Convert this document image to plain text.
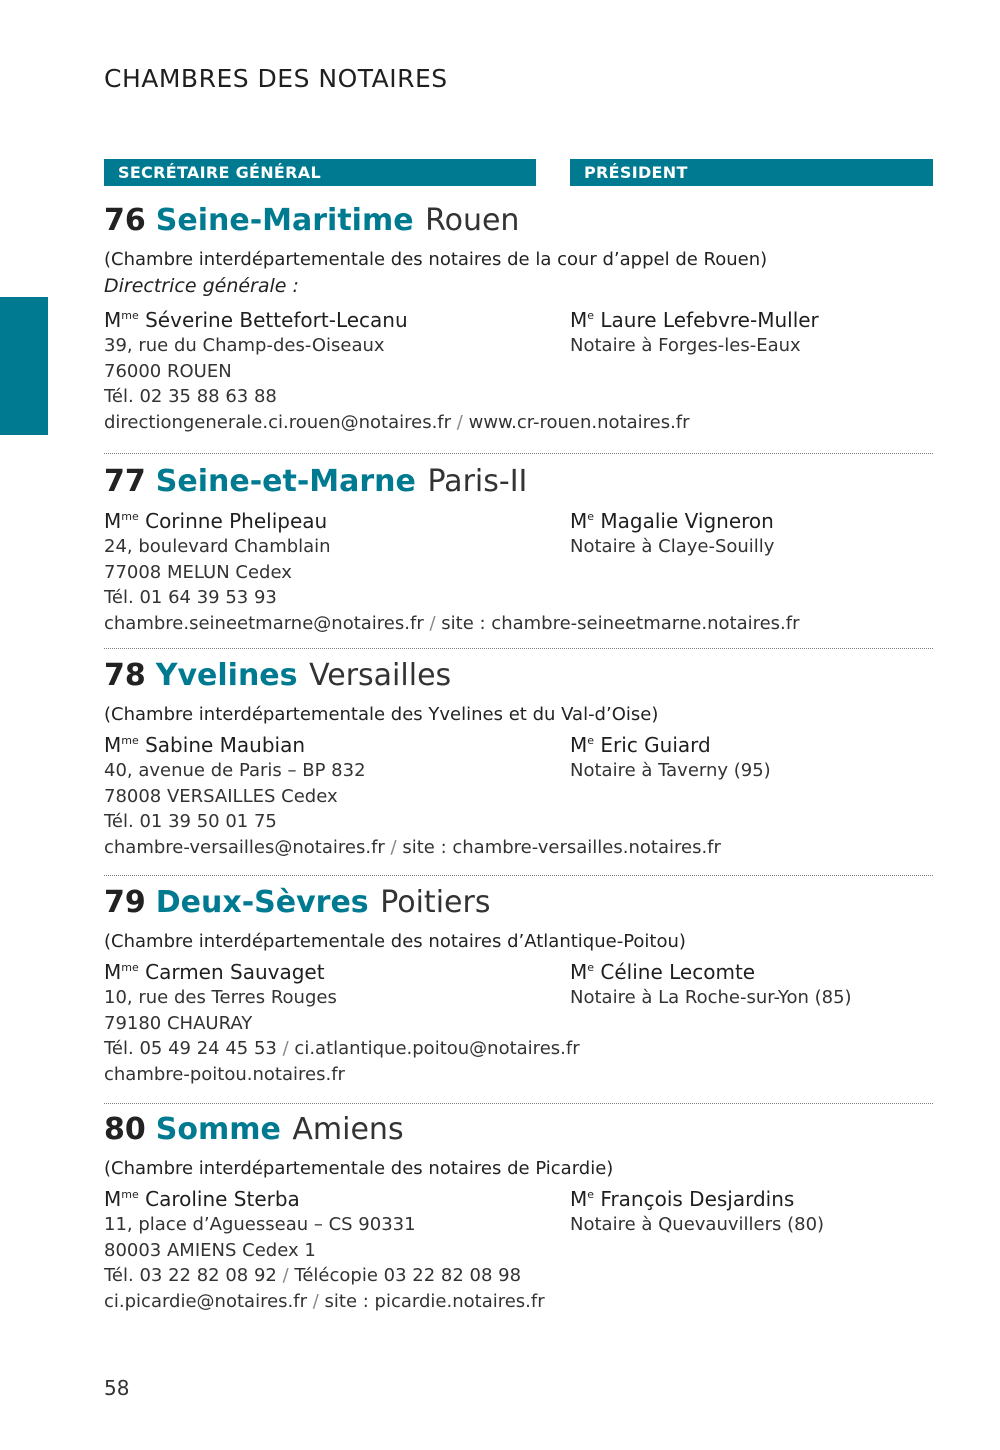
CHAMBRES DES NOTAIRES
SECRÉTAIRE GÉNÉRAL	PRÉSIDENT
76 Seine-Maritime Rouen
(Chambre interdépartementale des notaires de la cour d’appel de Rouen)
Directrice générale :
$M^{me}$ Séverine Bettefort-Lecanu
39, rue du Champ-des-Oiseaux
76000 ROUEN
Tél. 02 35 88 63 88
directiongenerale.ci.rouen@notaires.fr / www.cr-rouen.notaires.fr
Me Laure Lefebvre-Muller
Notaire à Forges-les-Eaux
77 Seine-et-Marne Paris-II
$M^{me}$ Corinne Phelipeau
24, boulevard Chamblain
77008 MELUN Cedex
Tél. 01 64 39 53 93
chambre.seineetmarne@notaires.fr / site : chambre-seineetmarne.notaires.fr
Me Magalie Vigneron
Notaire à Claye-Souilly
78 Yvelines Versailles
(Chambre interdépartementale des Yvelines et du Val-d’Oise)
$M^{me}$ Sabine Maubian
40, avenue de Paris – BP 832
78008 VERSAILLES Cedex
Tél. 01 39 50 01 75
chambre-versailles@notaires.fr / site : chambre-versailles.notaires.fr
Me Eric Guiard
Notaire à Taverny (95)
79 Deux-Sèvres Poitiers
(Chambre interdépartementale des notaires d’Atlantique-Poitou)
$M^{me}$ Carmen Sauvaget
10, rue des Terres Rouges
79180 CHAURAY
Tél. 05 49 24 45 53 / ci.atlantique.poitou@notaires.fr
chambre-poitou.notaires.fr
Me Céline Lecomte
Notaire à La Roche-sur-Yon (85)
80 Somme Amiens
(Chambre interdépartementale des notaires de Picardie)
$M^{me}$ Caroline Sterba
11, place d’Aguesseau – CS 90331
80003 AMIENS Cedex 1
Tél. 03 22 82 08 92 / Télécopie 03 22 82 08 98
ci.picardie@notaires.fr / site : picardie.notaires.fr
Me François Desjardins
Notaire à Quevauvillers (80)
58
